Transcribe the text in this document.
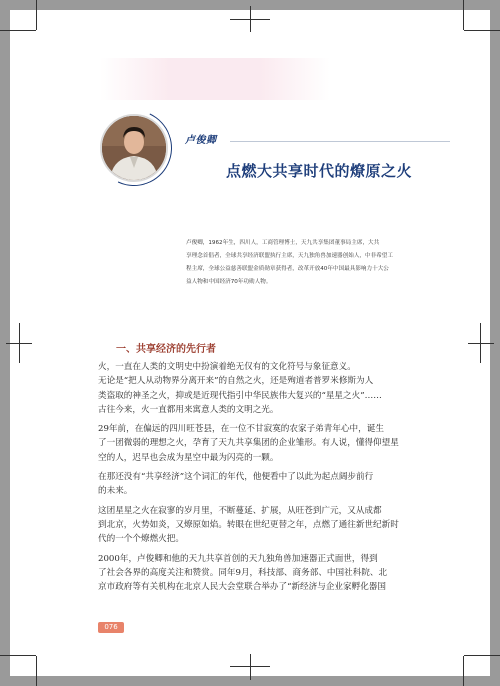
卢俊卿
点燃大共享时代的燎原之火
卢俊卿，1962年生，四川人，工商管理博士，天九共享集团董事局主席，大共
享理念首倡者，全球共享经济联盟执行主席，天九独角兽加速器创始人，中非希望工
程主席，全球公益慈善联盟金质勋章获得者，改革开放40年中国最具影响力十大公
益人物和中国经济70年功勋人物。
一、共享经济的先行者
火，一直在人类的文明史中扮演着绝无仅有的文化符号与象征意义。
无论是“把人从动物界分离开来”的自然之火，还是殉道者普罗米修斯为人
类盗取的神圣之火，抑或是近现代指引中华民族伟大复兴的“星星之火”……
古往今来，火一直都用来寓意人类的文明之光。
29年前，在偏远的四川旺苍县，在一位不甘寂寞的农家子弟青年心中，诞生
了一团微弱的理想之火，孕育了天九共享集团的企业雏形。有人说，懂得仰望星
空的人，迟早也会成为星空中最为闪亮的一颗。
在那还没有“共享经济”这个词汇的年代，他便看中了以此为起点阔步前行
的未来。
这团星星之火在寂寥的岁月里，不断蔓延、扩展，从旺苍到广元，又从成都
到北京，火势如炎，又燎原如焰。转眼在世纪更替之年，点燃了通往新世纪新时
代的一个个燎燃火把。
2000年，卢俊卿和他的天九共享首创的天九独角兽加速器正式面世，得到
了社会各界的高度关注和赞赏。同年9月，科技部、商务部、中国社科院、北
京市政府等有关机构在北京人民大会堂联合举办了“新经济与企业家孵化器国
076
